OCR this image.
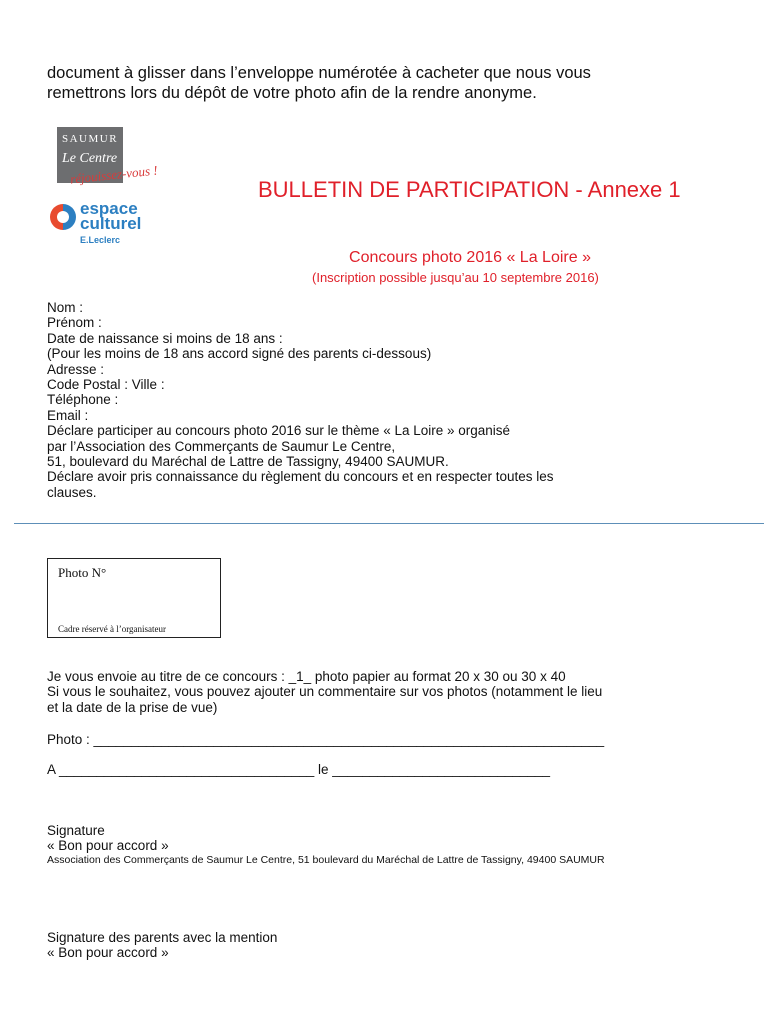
document à glisser dans l’enveloppe numérotée à cacheter que nous vous
remettrons lors du dépôt de votre photo afin de la rendre anonyme.
SAUMUR
Le Centre
réjouissez-vous !
espace
culturel
E.Leclerc
BULLETIN DE PARTICIPATION - Annexe 1
Concours photo 2016 « La Loire »
(Inscription possible jusqu’au 10 septembre 2016)
Nom :
Prénom :
Date de naissance si moins de 18 ans :
(Pour les moins de 18 ans accord signé des parents ci-dessous)
Adresse :
Code Postal : Ville :
Téléphone :
Email :
Déclare participer au concours photo 2016 sur le thème « La Loire » organisé
par l’Association des Commerçants de Saumur Le Centre,
51, boulevard du Maréchal de Lattre de Tassigny, 49400 SAUMUR.
Déclare avoir pris connaissance du règlement du concours et en respecter toutes les
clauses.
Photo N°
Cadre réservé à l’organisateur
Je vous envoie au titre de ce concours : _1_ photo papier au format 20 x 30 ou 30 x 40
Si vous le souhaitez, vous pouvez ajouter un commentaire sur vos photos (notamment le lieu
et la date de la prise de vue)
Photo : ____________________________________________________________________
A __________________________________ le _____________________________
Signature
« Bon pour accord »
Association des Commerçants de Saumur Le Centre, 51 boulevard du Maréchal de Lattre de Tassigny, 49400 SAUMUR
Signature des parents avec la mention
« Bon pour accord »
